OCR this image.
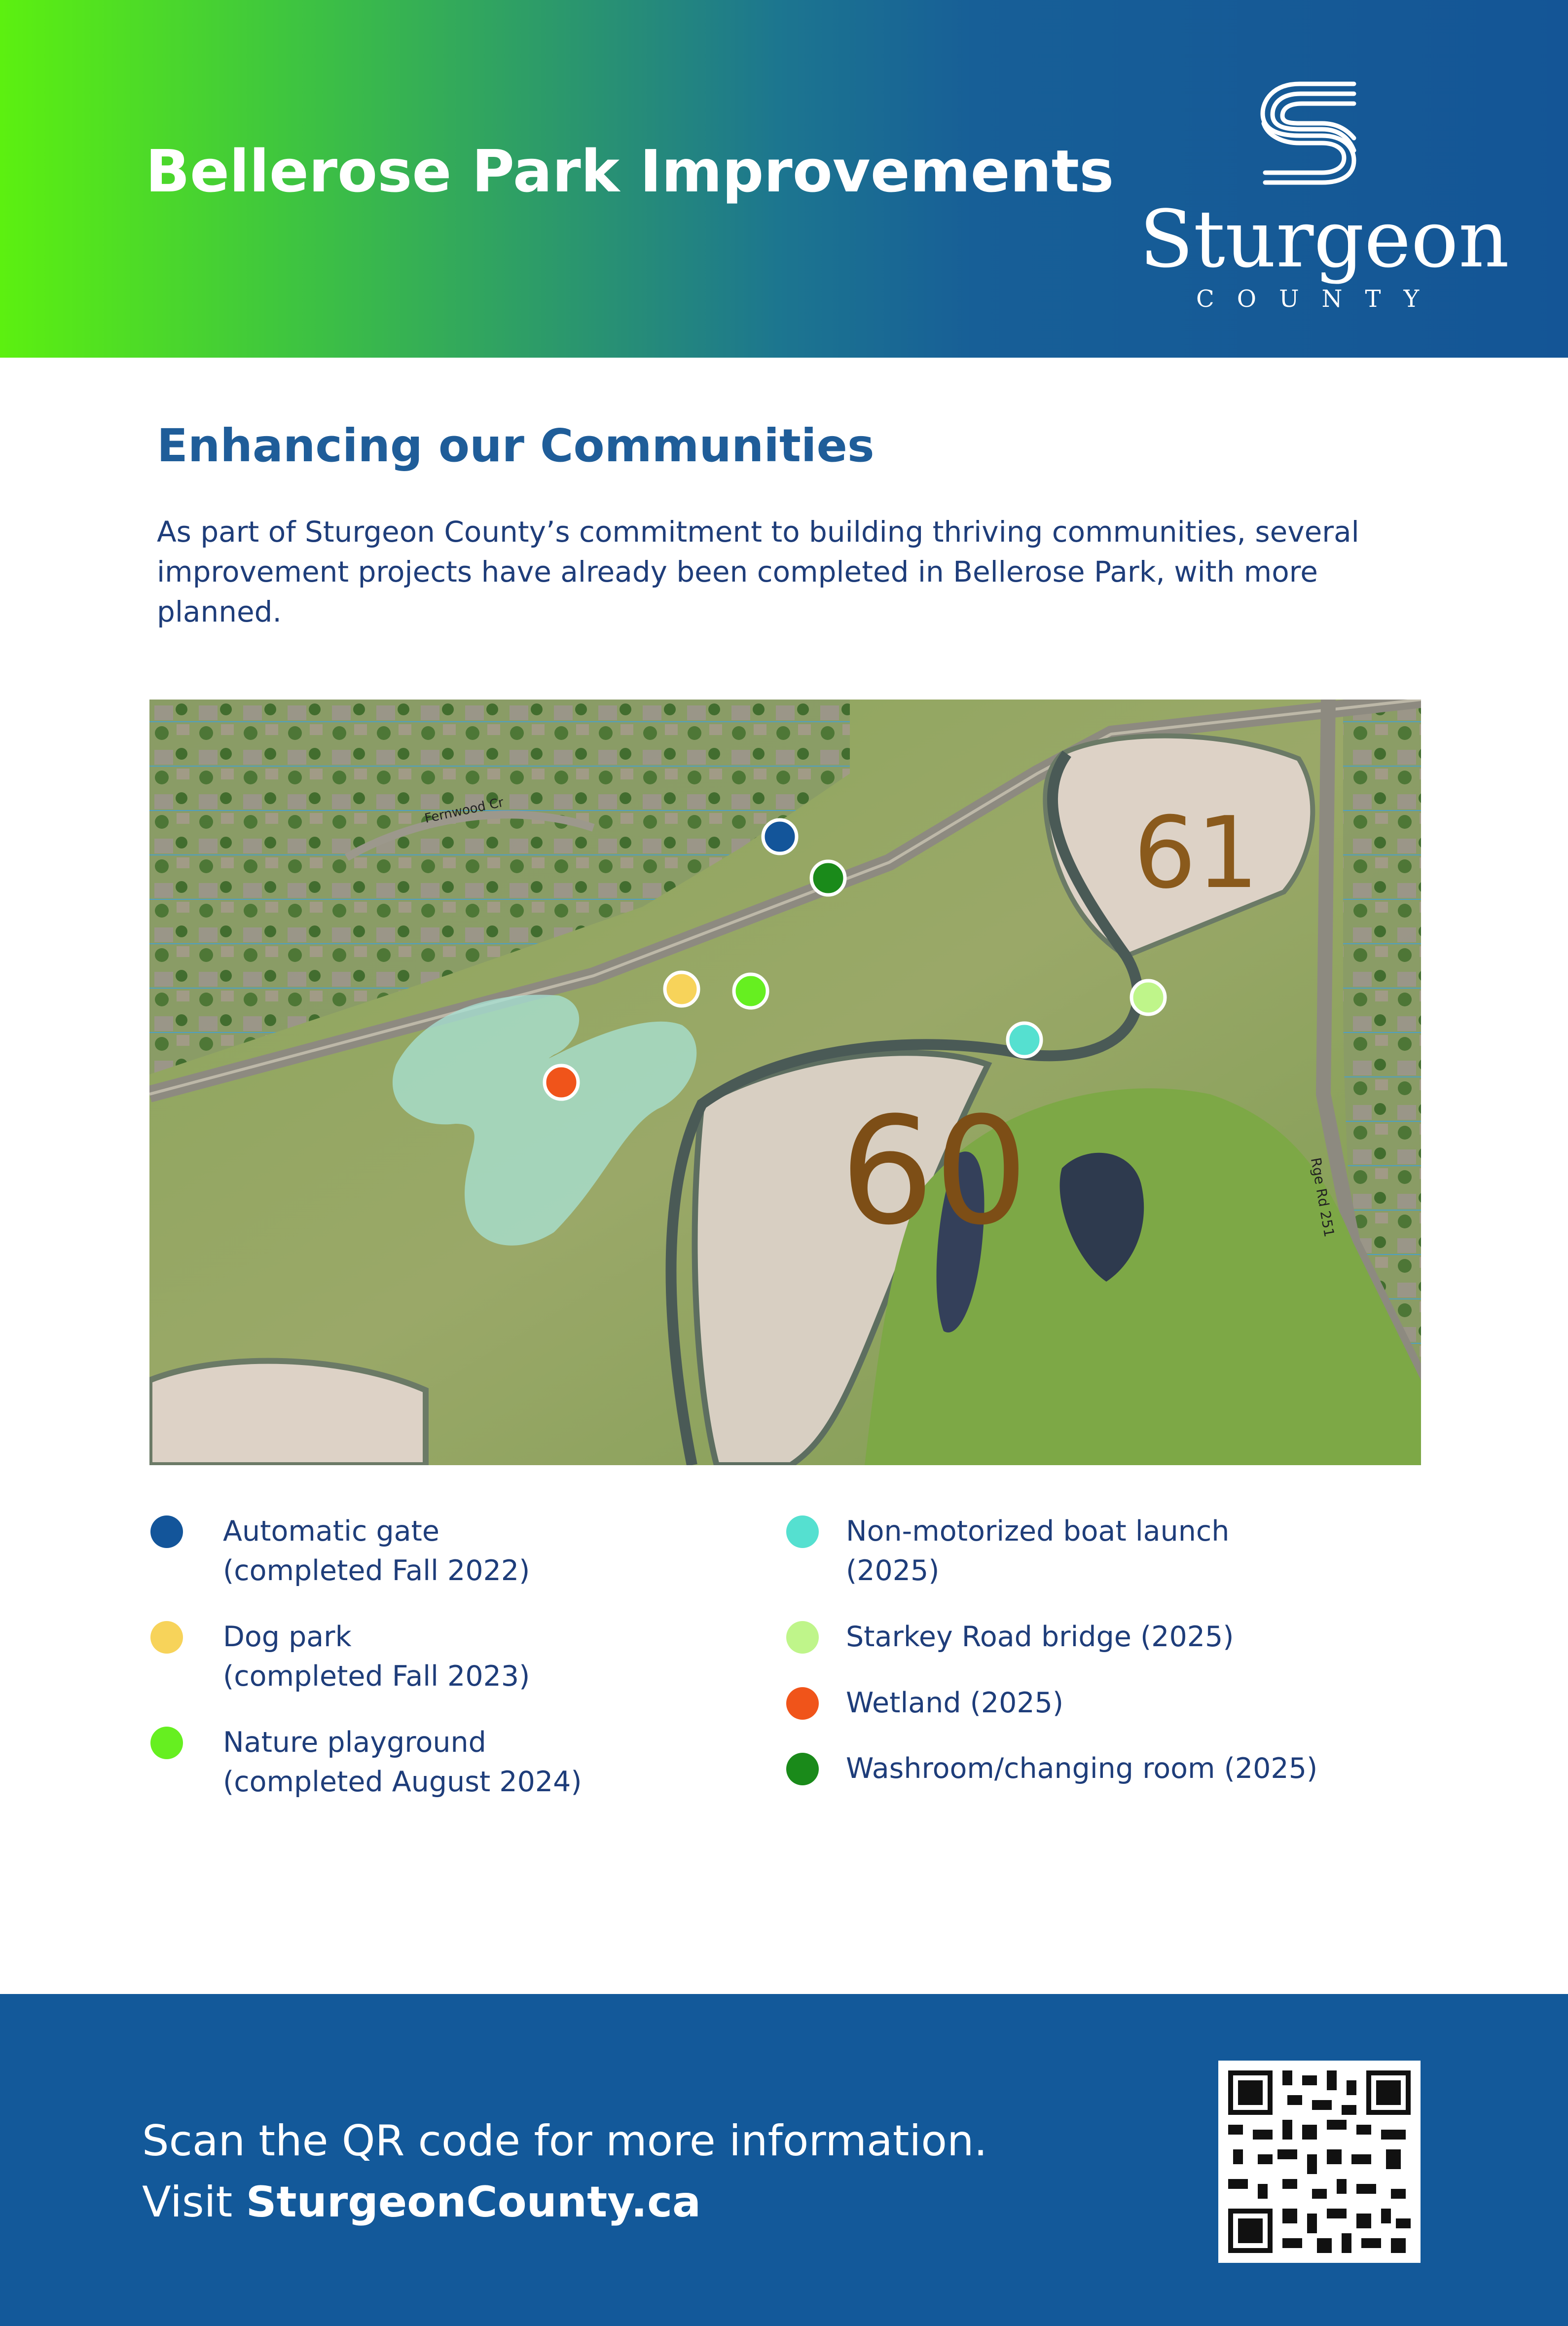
Bellerose Park Improvements
Sturgeon
COUNTY
Enhancing our Communities
As part of Sturgeon County’s commitment to building thriving communities, several improvement projects have already been completed in Bellerose Park, with more planned.
Fernwood Cr	61
60	Rge Rd 251
Automatic gate
(completed Fall 2022)
Dog park
(completed Fall 2023)
Nature playground
(completed August 2024)
Non-motorized boat launch
(2025)
Starkey Road bridge (2025)
Wetland (2025)
Washroom/changing room (2025)
Scan the QR code for more information.
Visit SturgeonCounty.ca
